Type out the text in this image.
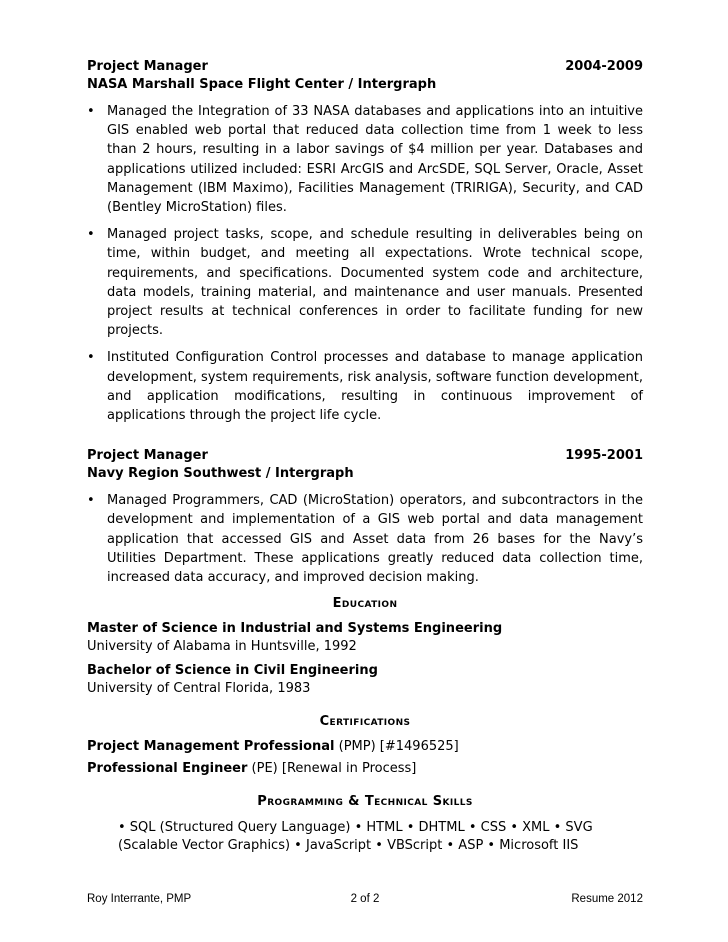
Project Manager	2004-2009
NASA Marshall Space Flight Center / Intergraph
• Managed the Integration of 33 NASA databases and applications into an intuitive GIS enabled web portal that reduced data collection time from 1 week to less than 2 hours, resulting in a labor savings of $4 million per year. Databases and applications utilized included: ESRI ArcGIS and ArcSDE, SQL Server, Oracle, Asset Management (IBM Maximo), Facilities Management (TRIRIGA), Security, and CAD (Bentley MicroStation) files.
• Managed project tasks, scope, and schedule resulting in deliverables being on time, within budget, and meeting all expectations. Wrote technical scope, requirements, and specifications. Documented system code and architecture, data models, training material, and maintenance and user manuals. Presented project results at technical conferences in order to facilitate funding for new projects.
• Instituted Configuration Control processes and database to manage application development, system requirements, risk analysis, software function development, and application modifications, resulting in continuous improvement of applications through the project life cycle.
Project Manager	1995-2001
Navy Region Southwest / Intergraph
• Managed Programmers, CAD (MicroStation) operators, and subcontractors in the development and implementation of a GIS web portal and data management application that accessed GIS and Asset data from 26 bases for the Navy’s Utilities Department. These applications greatly reduced data collection time, increased data accuracy, and improved decision making.
Education
Master of Science in Industrial and Systems Engineering
University of Alabama in Huntsville, 1992
Bachelor of Science in Civil Engineering
University of Central Florida, 1983
Certifications
Project Management Professional (PMP) [#1496525]
Professional Engineer (PE) [Renewal in Process]
Programming & Technical Skills
• SQL (Structured Query Language) • HTML • DHTML • CSS • XML • SVG
(Scalable Vector Graphics) • JavaScript • VBScript • ASP • Microsoft IIS
Roy Interrante, PMP	2 of 2	Resume 2012
